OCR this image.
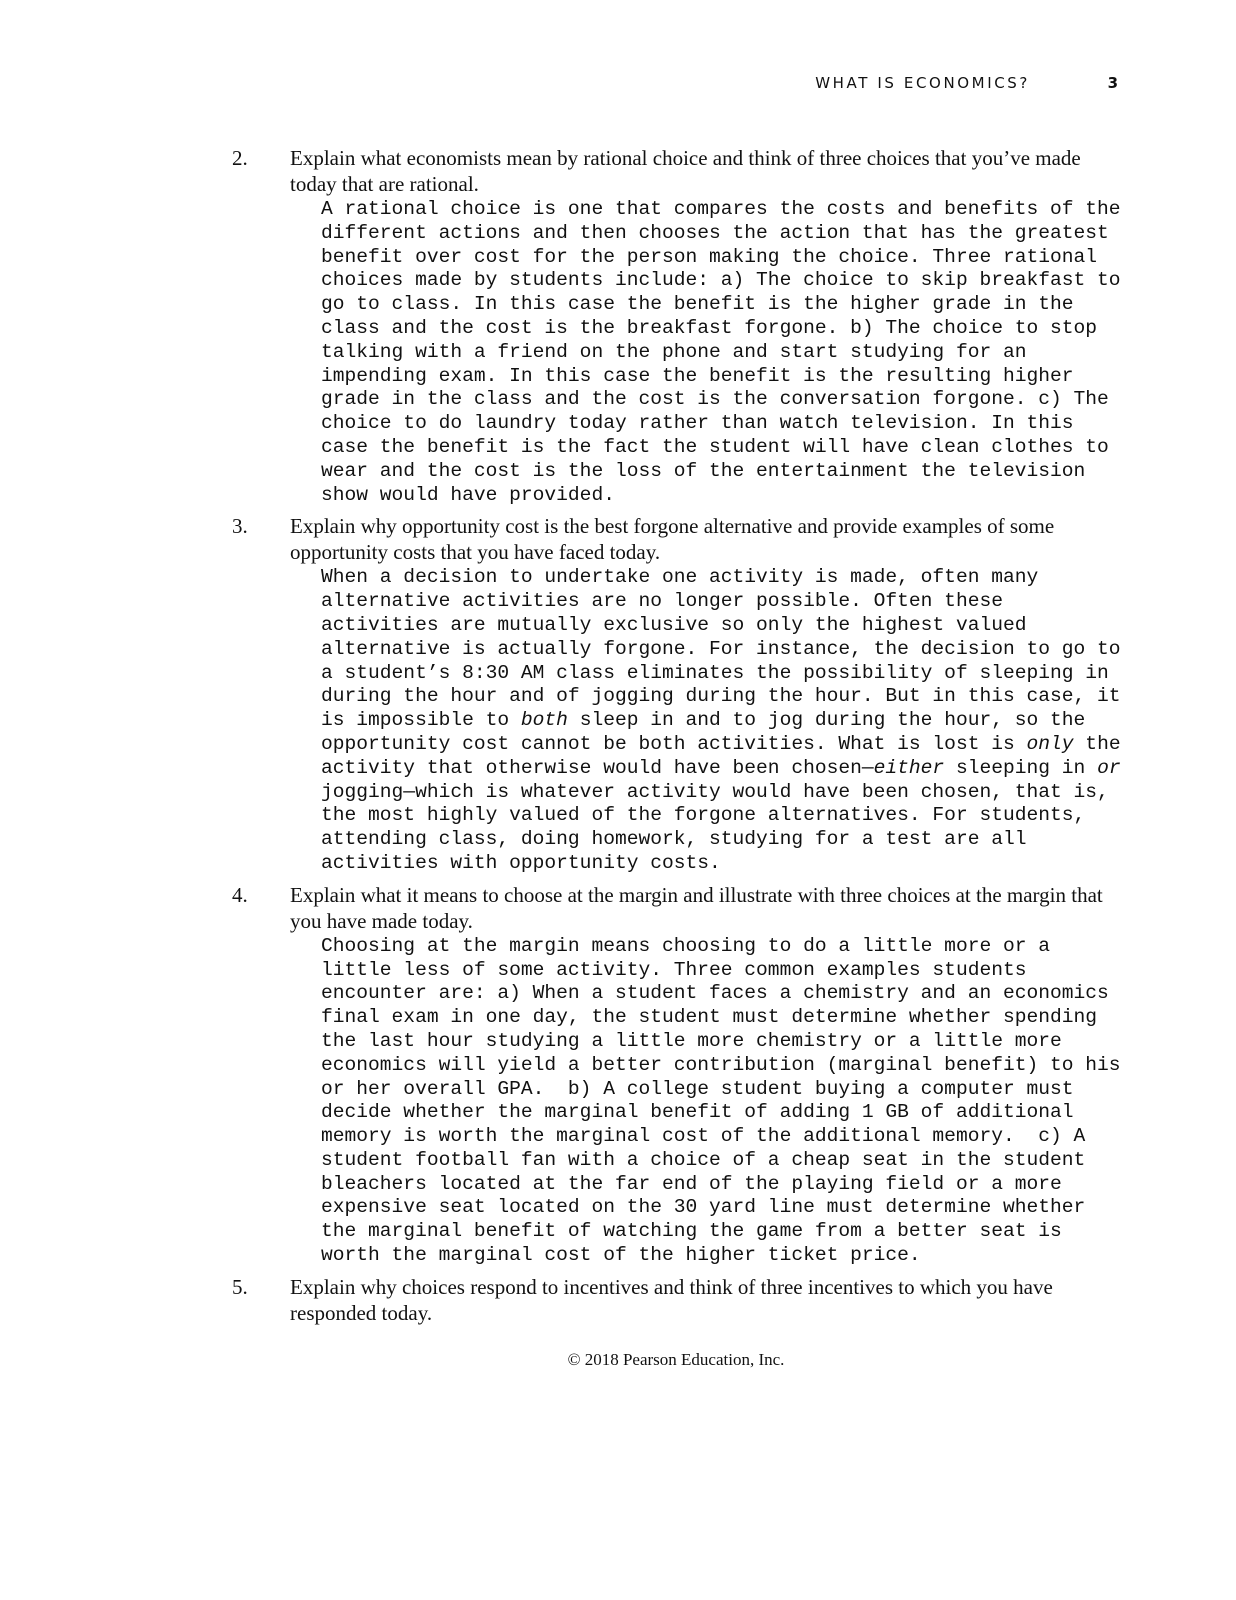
WHAT IS ECONOMICS?	3
2. Explain what economists mean by rational choice and think of three choices that you’ve made
today that are rational.
A rational choice is one that compares the costs and benefits of the
different actions and then chooses the action that has the greatest
benefit over cost for the person making the choice. Three rational
choices made by students include: a) The choice to skip breakfast to
go to class. In this case the benefit is the higher grade in the
class and the cost is the breakfast forgone. b) The choice to stop
talking with a friend on the phone and start studying for an
impending exam. In this case the benefit is the resulting higher
grade in the class and the cost is the conversation forgone. c) The
choice to do laundry today rather than watch television. In this
case the benefit is the fact the student will have clean clothes to
wear and the cost is the loss of the entertainment the television
show would have provided.
3. Explain why opportunity cost is the best forgone alternative and provide examples of some
opportunity costs that you have faced today.
When a decision to undertake one activity is made, often many
alternative activities are no longer possible. Often these
activities are mutually exclusive so only the highest valued
alternative is actually forgone. For instance, the decision to go to
a student’s 8:30 AM class eliminates the possibility of sleeping in
during the hour and of jogging during the hour. But in this case, it
is impossible to both sleep in and to jog during the hour, so the
opportunity cost cannot be both activities. What is lost is only the
activity that otherwise would have been chosen—either sleeping in or
jogging—which is whatever activity would have been chosen, that is,
the most highly valued of the forgone alternatives. For students,
attending class, doing homework, studying for a test are all
activities with opportunity costs.
4. Explain what it means to choose at the margin and illustrate with three choices at the margin that
you have made today.
Choosing at the margin means choosing to do a little more or a
little less of some activity. Three common examples students
encounter are: a) When a student faces a chemistry and an economics
final exam in one day, the student must determine whether spending
the last hour studying a little more chemistry or a little more
economics will yield a better contribution (marginal benefit) to his
or her overall GPA.  b) A college student buying a computer must
decide whether the marginal benefit of adding 1 GB of additional
memory is worth the marginal cost of the additional memory.  c) A
student football fan with a choice of a cheap seat in the student
bleachers located at the far end of the playing field or a more
expensive seat located on the 30 yard line must determine whether
the marginal benefit of watching the game from a better seat is
worth the marginal cost of the higher ticket price.
5. Explain why choices respond to incentives and think of three incentives to which you have
responded today.
© 2018 Pearson Education, Inc.
